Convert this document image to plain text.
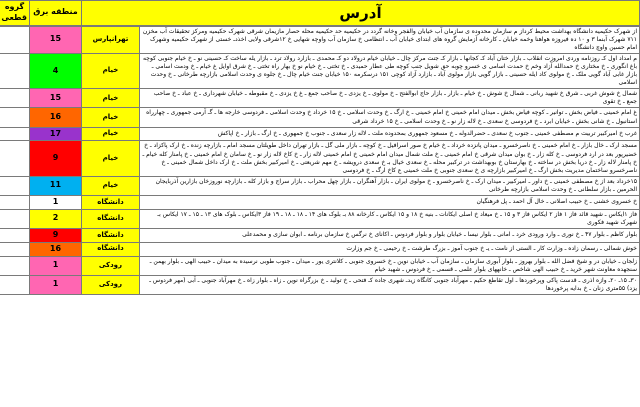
آدرس	منطقه برق	گروه قطعی
از شهرک حکیمیه دانشگاه بهداشت محیط کرداز م سازمان محدوده ی سازمان آب خیابان والفجر وخانه گردد در حکیمیه حد حکیمیه محله حصار مازیمان شرقی شهرک حکیمیه ومرکز تحقیقات آب مخزن ۷۱۱ شهرک آبنما ۳ و ۱۰ ده فیروزه هواهنا وخمه خیابان ـ کارخانه آزمایش گروه های ابتدای خیابان آب ـ انتظامی خ سازمان آب واوچه شهایی خ ۱۲شرقی ولایی اخذدـ خستی از شهرک حکیمیه وشهرک امام حسین واوچ دانشگاه	تهرانپارس	15	
م امداد اول کـ روزنامه وردی امروزت انقلاب ـ بازار ختان آباد کـ کجانها ـ بازار کـ جنت مرکز چال ـ خیابان خیام درولاد دو کـ محمدی ـ بازارد رولاد ترد ـ بازار یله ساخت کـ حسینی نو ـ خ خیام جنوبی کوچه باغ انگوری ـ خ مختاری خ حمدالله آزاد وخم خ حمدت اسامی ی خسرو چوبه حق شویل جنب کوچه طی عطار حمیدی ـ خ تختی ـ خ خیام نو خ بهار راه تختی ـ خ شرق اوایل غ خیام ـ خ ودمت اسامی ـ بازار غابی آباد گویی ملک ـ خ مولوی کاد ایله حسینی ـ بازار گویی بازار مولوی آباد ـ بازارد آزاد کوچی ۱۵۱ درسکرمه ۱۵۰ خیابان جنت خیام چال ـ خ جلوه ی وحدت اسلامی بازارچه طرخانی ـ خ وحدت اسلامی	خیام	4	
شمال خ شوش غربی ـ شرق خ شهید ربانی ـ شمال خ شوش ـ خ خیام ـ بازار ـ بازار حاج ابوالفتح ـ خ مولوی ـ خ یزدی ـ خ صاحب جمع ـ غ خ یزدی ـ خ مقبوطه ـ خیابان شهرداری ـ خ عباد ـ خ صاحب جمع ـ خ تقوی	خیام	15	
غ امام خمینی ـ فیاض بخش ـ توانیر ـ کوچه فیاض بخش ـ میدان امام خمینی خ امام خمینی ـ خ ارگ ـ خ وحدت اسلامی ـ خ ۱۵ خرداد خ وحدت اسلامی ـ فردوسی خارجه ها ـ گـ آرمی جمهوری ـ چهارراه استانبول ـ خ شانی بخش ـ خیابان ابرد ـ خ فردوسی خ سعدی ـ خ لاله زار نو ـ خ وحدت اسلامی ـ خ ۱۵ خرداد شرقی	خیام	16	
غرب خ امیرکبیر تربیت م مصطفی خمینی ـ جنوب خ سعدی ـ حضرالدوله ـ خ مسعود جمهوری بمحدوده ملت ـ لاله زار سعدی ـ جنوب خ جمهوری ـ خ ارگ ـ بازار ـ خ اپاکش	خیام	17	
مسجد ارک ـ خال بازار ـ خ امام خمینی ـ خ ناصرخسرو ـ میدان پانزده خرداد ـ خ خیام خ صور اسرافیل ـ خ کوچه ـ بازار ملی گل ـ بازار تهران داخل طویلتان مسجد امام ـ بازارچه زنده ـ خ ارک پاکزاد ـ خ خضیرپور بعد در ارد فردوسی ـ خ کله زار ـ خ بوان میدان شرقی خ امام خمینی ـ خ ملت شمال میدان امام خمینی خ امام خمینی لاله زار ـ خ کاخ لاله زار نو ـ خ سامان خ امام خمینی ـ خ پامنار کله خیام ـ خ پامنار لاله زار ـ خ دریا بخش در ساخته ـ خ بهارستان خ بوبهداشت در ترکبیر محله ـ خ سعدی خیال بـ خ سعدی درویشه ـ خ مهم شریعتی ـ خ امیرکبیر بخش ملت ـ خ ارک داخل شمال خمینی ـ خ ناصرخسرو ساختمان مدیریت بخش ارگ ـ خ امیرکبیر بازارچه ی خ سعدی جنوبی خ ملت خمینی ع کاخ ارگ ـ خ فردوسی	خیام	9	
۱۵خرداد بعد از خ مصطفی خمینی ـ خ داور ـ امیرکبیر ـ میدان ارک ـ خ ناصرخسرو ـ خ مولوی ایران ـ بازار آهنگران ـ بازار چهل محراب ـ بازار سراج و بازار کله ـ بازارچه نوروزخان بازارین آذربایجان الحرمین ـ بازار سلطانی ـ خ وحدت اسلامی بازارچه طرخانی	خیام	11	
خ خسروی خشنی ـ خ حبیب اصلانی ـ خال آل احمد ـ پل فرهنگیان	دانشگاه	1	
فاز ۱ایکاس ـ شهید قائد فاز ۱ فاز ۲ ایکاس فاز ۳ و ۱۵ ـ خ میعاد خ اصلی ایکانات ـ بنیه خ ۱۸ و ۱۵ ایکاس ـ کارخانه ۸۸ بـ بلوک های ۱۴ ـ ۱۸ ـ ۱۸ ـ ۱۹ فاز ۳ایکاس ـ بلوک های ۱۳ ـ ۱۵ ـ ۱۷ ایکاس بـ شهرک شهید فکوری	دانشگاه	2	
بلوار کاظم ـ بلوار ۴۷ ـ خ نوری ـ وارد ورودی خرد ـ امانی ـ بلوار نیسا ـ خیابان بلوار و بلوار فردوس ـ اکانای خ نرگس خ سازمان برنامه ـ ابوان سازی و محمدعلی	دانشگاه	9	
خوش شمالی ـ رسمان زاده ـ وزارت کار ـ الستی از نامت ـ یـ خ جنوب آموز ـ بزرگ طرشت ـ خ رحیمی ـ خ جم وزارت	دانشگاه	16	
زلجان ـ خیابان در و شیخ فضل الله ـ بلوار بهروز ـ بلوار آبوری سازمان ـ سازمان آب ـ خیابان نوین ـ خ خسروی جنوبی ـ کلانتری یور ـ میدان ـ جنوب طوبی نرسیده به میدان ـ حبیب الهی ـ بلوار بهمن ـ سنجهده معاونت شهر خرید ـ خ حبیب الهی شاخص ـ خانههای بلوار علمی ـ قسمی ـ خ فردوس ـ شهید خیام	رودکی	1	
۳۰ـ ۱۵ـ ۲۰ـ وازه اذری ـ قدست پاکی وپرخوردها ـ اول تقاطع حکیم ـ مهرآباد جنوبی کانگاه زیدـ شهری جاده کـ فتحی ـ خ تولید ـ خ بزرگراه نوین ـ زاه ـ بلوار زاه ـ خ مهرآباد جنوبی ـ آبی (مهر فردوس ـ یزد) ۵۵متری زنان ـ خ بدایه پرخوردها	رودکی	1	
